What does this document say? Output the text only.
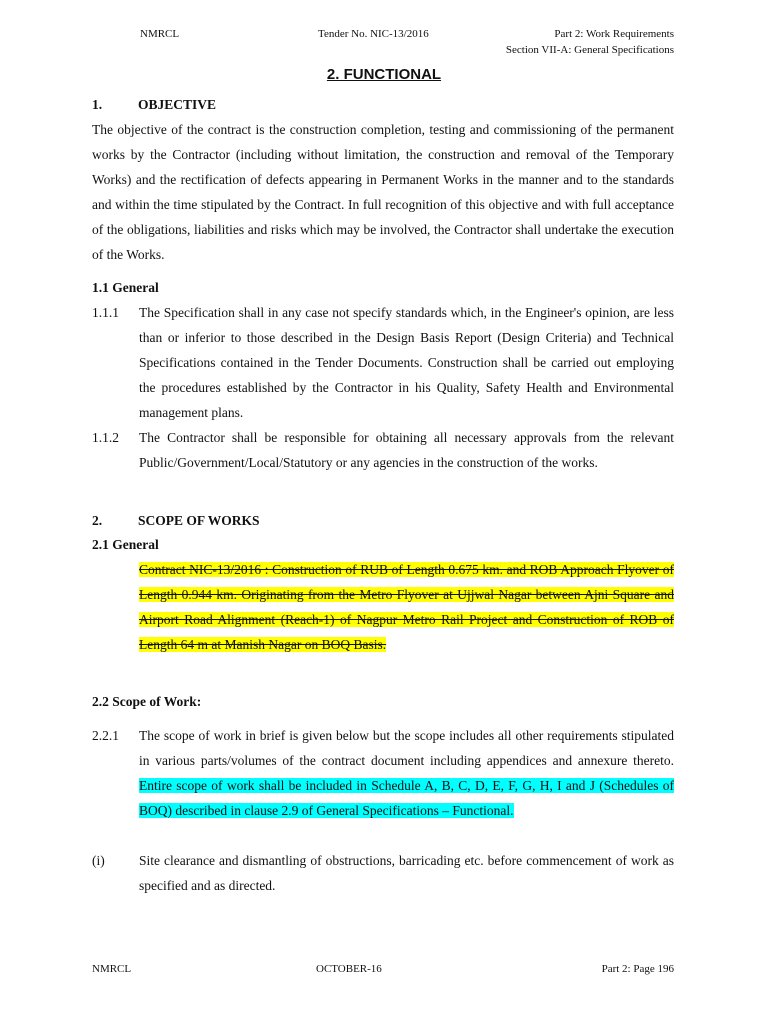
NMRCL	Tender No. NIC-13/2016	Part 2: Work Requirements
Section VII-A: General Specifications
2. FUNCTIONAL
1.	OBJECTIVE
The objective of the contract is the construction completion, testing and commissioning of the permanent works by the Contractor (including without limitation, the construction and removal of the Temporary Works) and the rectification of defects appearing in Permanent Works in the manner and to the standards and within the time stipulated by the Contract. In full recognition of this objective and with full acceptance of the obligations, liabilities and risks which may be involved, the Contractor shall undertake the execution of the Works.
1.1 General
1.1.1 The Specification shall in any case not specify standards which, in the Engineer's opinion, are less than or inferior to those described in the Design Basis Report (Design Criteria) and Technical Specifications contained in the Tender Documents. Construction shall be carried out employing the procedures established by the Contractor in his Quality, Safety Health and Environmental management plans.
1.1.2 The Contractor shall be responsible for obtaining all necessary approvals from the relevant Public/Government/Local/Statutory or any agencies in the construction of the works.
2.	SCOPE OF WORKS
2.1 General
Contract NIC-13/2016 : Construction of RUB of Length 0.675 km. and ROB Approach Flyover of Length 0.944 km. Originating from the Metro Flyover at Ujjwal Nagar between Ajni Square and Airport Road Alignment (Reach-1) of Nagpur Metro Rail Project and Construction of ROB of Length 64 m at Manish Nagar on BOQ Basis.
2.2 Scope of Work:
2.2.1 The scope of work in brief is given below but the scope includes all other requirements stipulated in various parts/volumes of the contract document including appendices and annexure thereto. Entire scope of work shall be included in Schedule A, B, C, D, E, F, G, H, I and J (Schedules of BOQ) described in clause 2.9 of General Specifications – Functional.
(i)	Site clearance and dismantling of obstructions, barricading etc. before commencement of work as specified and as directed.
NMRCL	OCTOBER-16	Part 2: Page 196
